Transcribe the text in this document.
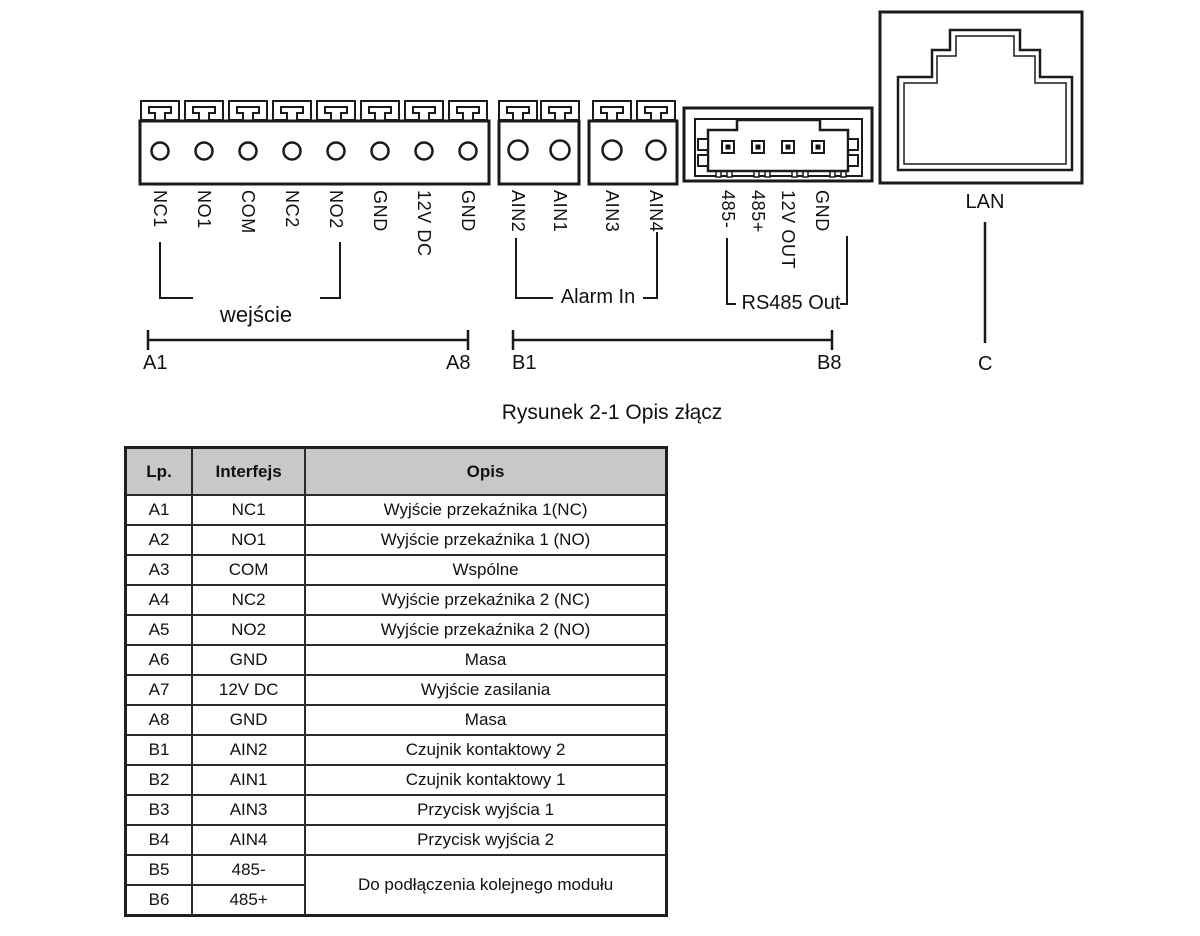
NC1 NO1 COM NC2 NO2 GND 12V DC GND AIN2 AIN1 AIN3 AIN4	485- 485+ 12V OUT GND
wejście
Alarm In	RS485 Out
LAN
A1	A8 B1	B8	C
Rysunek 2-1 Opis złącz
Lp.	Interfejs	Opis
A1	NC1	Wyjście przekaźnika 1(NC)
A2	NO1	Wyjście przekaźnika 1 (NO)
A3	COM	Wspólne
A4	NC2	Wyjście przekaźnika 2 (NC)
A5	NO2	Wyjście przekaźnika 2 (NO)
A6	GND	Masa
A7	12V DC	Wyjście zasilania
A8	GND	Masa
B1	AIN2	Czujnik kontaktowy 2
B2	AIN1	Czujnik kontaktowy 1
B3	AIN3	Przycisk wyjścia 1
B4	AIN4	Przycisk wyjścia 2
B5	485-	Do podłączenia kolejnego modułu
B6	485+	
